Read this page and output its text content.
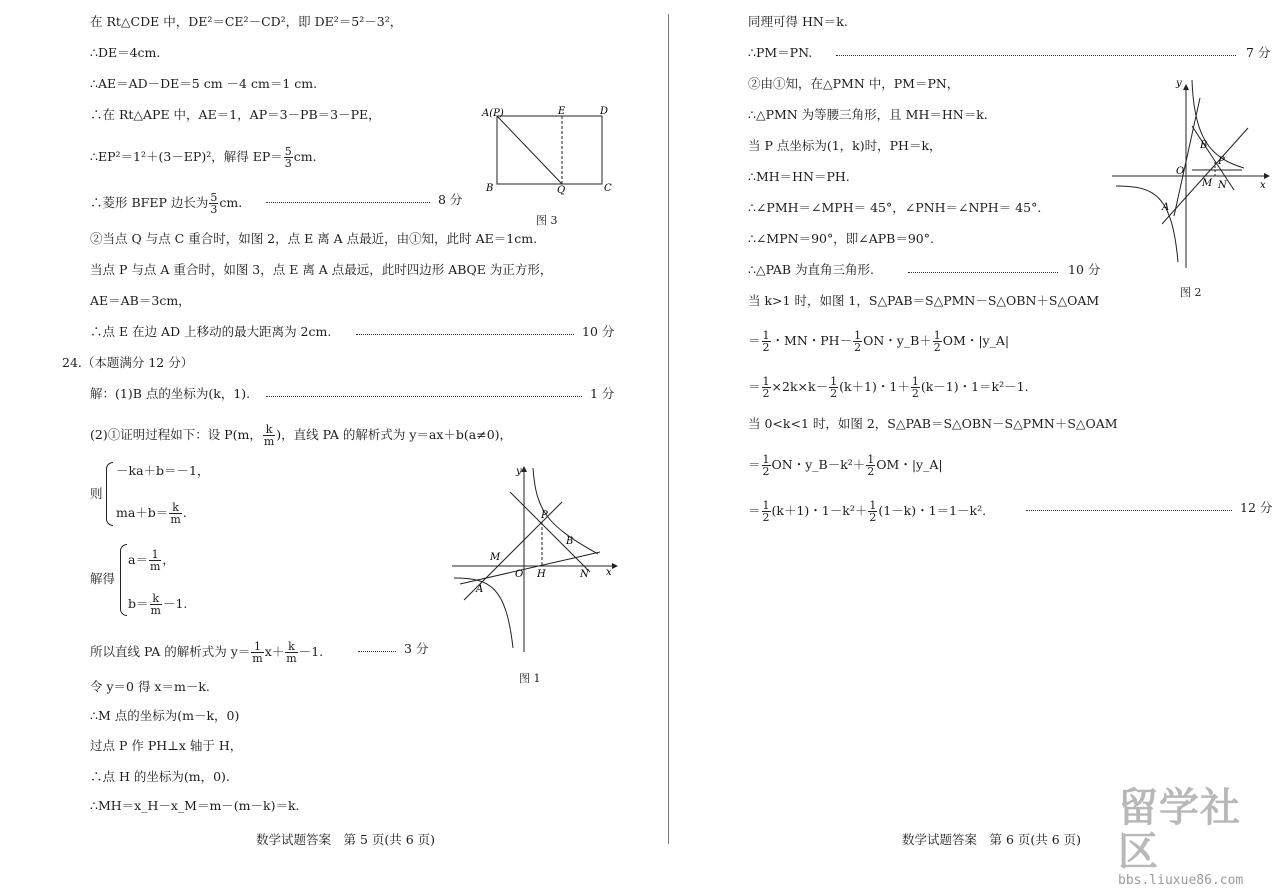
在 Rt△CDE 中，DE²＝CE²－CD²，即 DE²＝5²－3²，
∴DE＝4cm.
∴AE＝AD－DE＝5 cm －4 cm＝1 cm.
∴在 Rt△APE 中，AE＝1，AP＝3－PB＝3－PE，
∴EP²＝1²＋(3－EP)²，解得 $EP= \frac{5}{3}$ cm.
∴菱形 BFEP 边长为 $\frac{5}{3}$ cm.	8 分
②当点 Q 与点 C 重合时，如图 2，点 E 离 A 点最近，由①知，此时 AE＝1cm.
当点 P 与点 A 重合时，如图 3，点 E 离 A 点最远，此时四边形 ABQE 为正方形，
AE＝AB＝3cm，
∴点 E 在边 AD 上移动的最大距离为 2cm.	10 分
24.（本题满分 12 分）
解：(1)B 点的坐标为(k，1).	1 分
(2)①证明过程如下：设 P(m， $\frac{k}{m}$ )，直线 PA 的解析式为 y＝ax＋b(a≠0)，
则
－ka＋b＝－1，
$ma+b= \frac{k}{m}$ .
解得
$a= \frac{1}{m}$ ，
$b= \frac{k}{m} -1$.
所以直线 PA 的解析式为 $y= \frac{1}{m} x+ \frac{k}{m} -1$.	3 分
令 y＝0 得 x＝m－k.
∴M 点的坐标为(m－k，0)
过点 P 作 PH⊥x 轴于 H，
∴点 H 的坐标为(m，0).
∴MH＝x_H－x_M＝m－(m－k)＝k.
A(P)	E	D
B	Q	C
图 3
y
x
P
B
M
O H	N
A
图 1
数学试题答案　第 5 页(共 6 页)
同理可得 HN＝k.
∴PM＝PN.	7 分
②由①知，在△PMN 中，PM＝PN，
∴△PMN 为等腰三角形，且 MH＝HN＝k.
当 P 点坐标为(1，k)时，PH＝k，
∴MH＝HN＝PH.
∴∠PMH＝∠MPH＝ 45°，∠PNH＝∠NPH＝ 45°.
∴∠MPN＝90°，即∠APB＝90°.
∴△PAB 为直角三角形.	10 分
当 k>1 时，如图 1，S△PAB＝S△PMN－S△OBN＋S△OAM
＝ $\frac{1}{2}$ ・MN・$PH- \frac{1}{2}$ ON・y_B＋ $\frac{1}{2}$ OM・|y_A|
＝ $\frac{1}{2} \times 2k\times k- \frac{1}{2} (k+1)$・$1+ \frac{1}{2} (k-1)$・1＝k²－1.
当 0<k<1 时，如图 2，S△PAB＝S△OBN－S△PMN＋S△OAM
＝ $\frac{1}{2}$ ON・y_B－k²＋ $\frac{1}{2}$ OM・|y_A|
＝ $\frac{1}{2} (k+1)$・$1-k^2+ \frac{1}{2} (1-k)$・1＝1－k².	12 分
y
x
B
P
O
M N
A
图 2
数学试题答案　第 6 页(共 6 页)
留学社区
bbs.liuxue86.com
